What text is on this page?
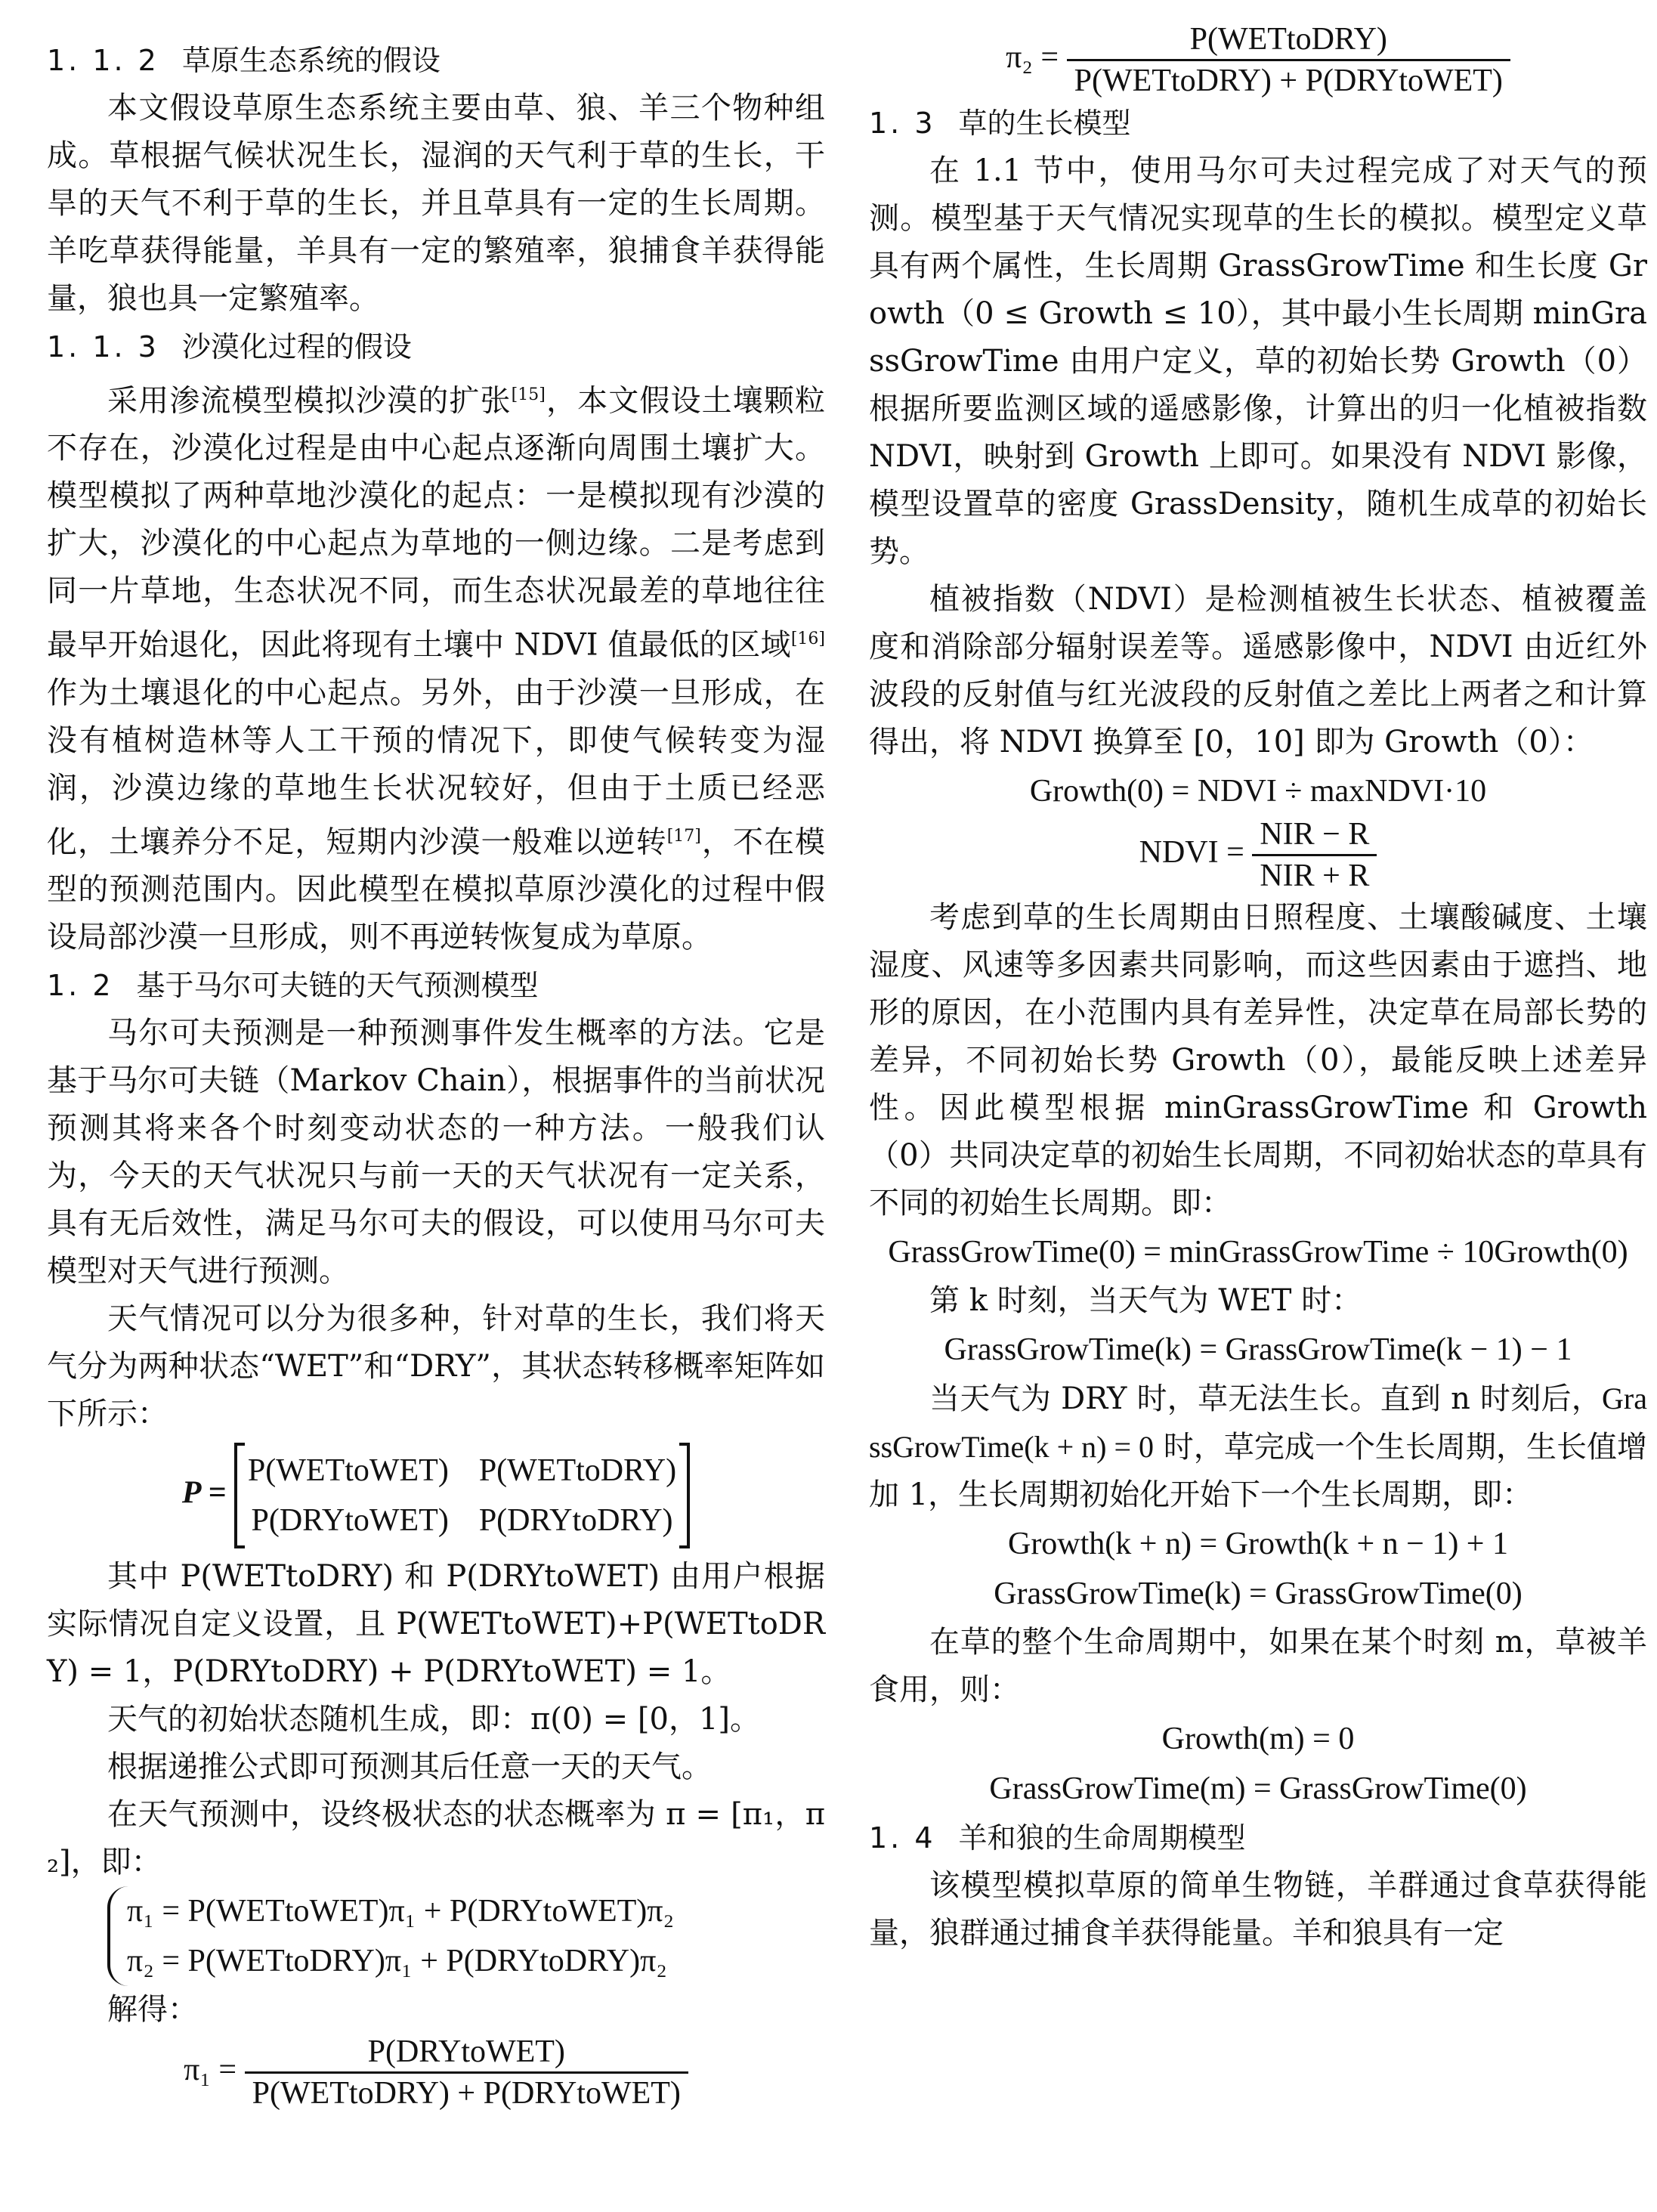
1. 1. 2 草原生态系统的假设

本文假设草原生态系统主要由草、狼、羊三个物种组成。草根据气候状况生长，湿润的天气利于草的生长，干旱的天气不利于草的生长，并且草具有一定的生长周期。羊吃草获得能量，羊具有一定的繁殖率，狼捕食羊获得能量，狼也具一定繁殖率。

1. 1. 3 沙漠化过程的假设

采用渗流模型模拟沙漠的扩张[15]，本文假设土壤颗粒不存在，沙漠化过程是由中心起点逐渐向周围土壤扩大。模型模拟了两种草地沙漠化的起点：一是模拟现有沙漠的扩大，沙漠化的中心起点为草地的一侧边缘。二是考虑到同一片草地，生态状况不同，而生态状况最差的草地往往最早开始退化，因此将现有土壤中 NDVI 值最低的区域[16]作为土壤退化的中心起点。另外，由于沙漠一旦形成，在没有植树造林等人工干预的情况下，即使气候转变为湿润，沙漠边缘的草地生长状况较好，但由于土质已经恶化，土壤养分不足，短期内沙漠一般难以逆转[17]，不在模型的预测范围内。因此模型在模拟草原沙漠化的过程中假设局部沙漠一旦形成，则不再逆转恢复成为草原。

1. 2 基于马尔可夫链的天气预测模型

马尔可夫预测是一种预测事件发生概率的方法。它是基于马尔可夫链（Markov Chain），根据事件的当前状况预测其将来各个时刻变动状态的一种方法。一般我们认为，今天的天气状况只与前一天的天气状况有一定关系，具有无后效性，满足马尔可夫的假设，可以使用马尔可夫模型对天气进行预测。

天气情况可以分为很多种，针对草的生长，我们将天气分为两种状态“WET”和“DRY”，其状态转移概率矩阵如下所示：

P =
P(WETtoWET) P(WETtoDRY)
P(DRYtoWET) P(DRYtoDRY)

其中 P(WETtoDRY) 和 P(DRYtoWET) 由用户根据实际情况自定义设置，且 P(WETtoWET)+P(WETtoDRY) = 1，P(DRYtoDRY) + P(DRYtoWET) = 1。

天气的初始状态随机生成，即：π(0) = [0，1]。

根据递推公式即可预测其后任意一天的天气。

在天气预测中，设终极状态的状态概率为 π = [π₁，π₂]，即：

π₁ = P(WETtoWET)π₁ + P(DRYtoWET)π₂
π₂ = P(WETtoDRY)π₁ + P(DRYtoDRY)π₂

解得：

$\pi_1 = \frac{\text{P(DRYtoWET)}}{\text{P(WETtoDRY) + P(DRYtoWET)}}$
$\pi_2 = \frac{\text{P(WETtoDRY)}}{\text{P(WETtoDRY) + P(DRYtoWET)}}$
1. 3 草的生长模型

在 1.1 节中，使用马尔可夫过程完成了对天气的预测。模型基于天气情况实现草的生长的模拟。模型定义草具有两个属性，生长周期 GrassGrowTime 和生长度 Growth（0 ≤ Growth ≤ 10），其中最小生长周期 minGrassGrowTime 由用户定义，草的初始长势 Growth（0）根据所要监测区域的遥感影像，计算出的归一化植被指数 NDVI，映射到 Growth 上即可。如果没有 NDVI 影像，模型设置草的密度 GrassDensity，随机生成草的初始长势。

植被指数（NDVI）是检测植被生长状态、植被覆盖度和消除部分辐射误差等。遥感影像中，NDVI 由近红外波段的反射值与红光波段的反射值之差比上两者之和计算得出，将 NDVI 换算至 [0，10] 即为 Growth（0）：

Growth(0) = NDVI ÷ maxNDVI·10
NDVI = $\frac{\text{NIR − R}}{\text{NIR + R}}$

考虑到草的生长周期由日照程度、土壤酸碱度、土壤湿度、风速等多因素共同影响，而这些因素由于遮挡、地形的原因，在小范围内具有差异性，决定草在局部长势的差异，不同初始长势 Growth（0），最能反映上述差异性。因此模型根据 minGrassGrowTime 和 Growth（0）共同决定草的初始生长周期，不同初始状态的草具有不同的初始生长周期。即：

GrassGrowTime(0) = minGrassGrowTime ÷ 10Growth(0)

第 k 时刻，当天气为 WET 时：

GrassGrowTime(k) = GrassGrowTime(k − 1) − 1

当天气为 DRY 时，草无法生长。直到 n 时刻后，GrassGrowTime(k + n) = 0 时，草完成一个生长周期，生长值增加 1，生长周期初始化开始下一个生长周期，即：

Growth(k + n) = Growth(k + n − 1) + 1
GrassGrowTime(k) = GrassGrowTime(0)

在草的整个生命周期中，如果在某个时刻 m，草被羊食用，则：

Growth(m) = 0
GrassGrowTime(m) = GrassGrowTime(0)
1. 4 羊和狼的生命周期模型

该模型模拟草原的简单生物链，羊群通过食草获得能量，狼群通过捕食羊获得能量。羊和狼具有一定
